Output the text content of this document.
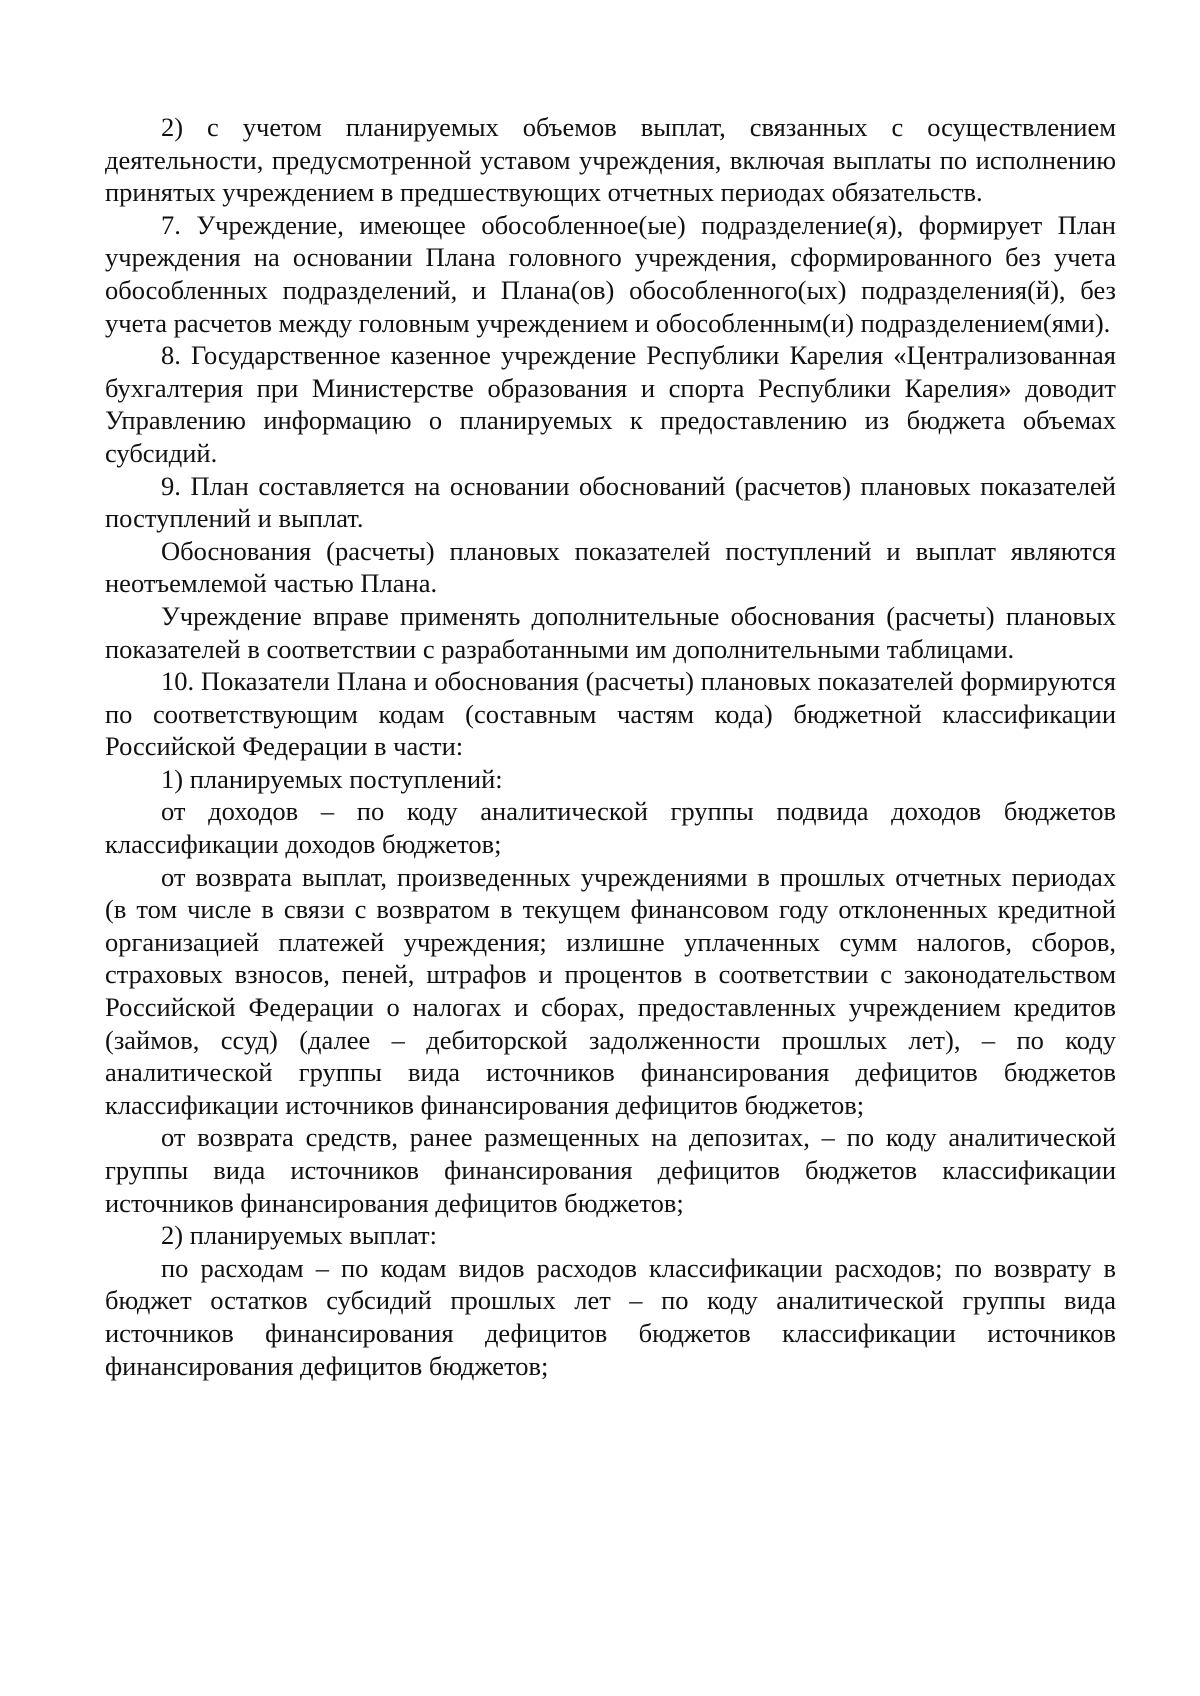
2) с учетом планируемых объемов выплат, связанных с осуществлением деятельности, предусмотренной уставом учреждения, включая выплаты по исполнению принятых учреждением в предшествующих отчетных периодах обязательств.

7. Учреждение, имеющее обособленное(ые) подразделение(я), формирует План учреждения на основании Плана головного учреждения, сформированного без учета обособленных подразделений, и Плана(ов) обособленного(ых) подразделения(й), без учета расчетов между головным учреждением и обособленным(и) подразделением(ями).

8. Государственное казенное учреждение Республики Карелия «Централизованная бухгалтерия при Министерстве образования и спорта Республики Карелия» доводит Управлению информацию о планируемых к предоставлению из бюджета объемах субсидий.

9. План составляется на основании обоснований (расчетов) плановых показателей поступлений и выплат.

Обоснования (расчеты) плановых показателей поступлений и выплат являются неотъемлемой частью Плана.

Учреждение вправе применять дополнительные обоснования (расчеты) плановых показателей в соответствии с разработанными им дополнительными таблицами.

10. Показатели Плана и обоснования (расчеты) плановых показателей формируются по соответствующим кодам (составным частям кода) бюджетной классификации Российской Федерации в части:

1) планируемых поступлений:

от доходов – по коду аналитической группы подвида доходов бюджетов классификации доходов бюджетов;

от возврата выплат, произведенных учреждениями в прошлых отчетных периодах (в том числе в связи с возвратом в текущем финансовом году отклоненных кредитной организацией платежей учреждения; излишне уплаченных сумм налогов, сборов, страховых взносов, пеней, штрафов и процентов в соответствии с законодательством Российской Федерации о налогах и сборах, предоставленных учреждением кредитов (займов, ссуд) (далее – дебиторской задолженности прошлых лет), – по коду аналитической группы вида источников финансирования дефицитов бюджетов классификации источников финансирования дефицитов бюджетов;

от возврата средств, ранее размещенных на депозитах, – по коду аналитической группы вида источников финансирования дефицитов бюджетов классификации источников финансирования дефицитов бюджетов;

2) планируемых выплат:

по расходам – по кодам видов расходов классификации расходов; по возврату в бюджет остатков субсидий прошлых лет – по коду аналитической группы вида источников финансирования дефицитов бюджетов классификации источников финансирования дефицитов бюджетов;
